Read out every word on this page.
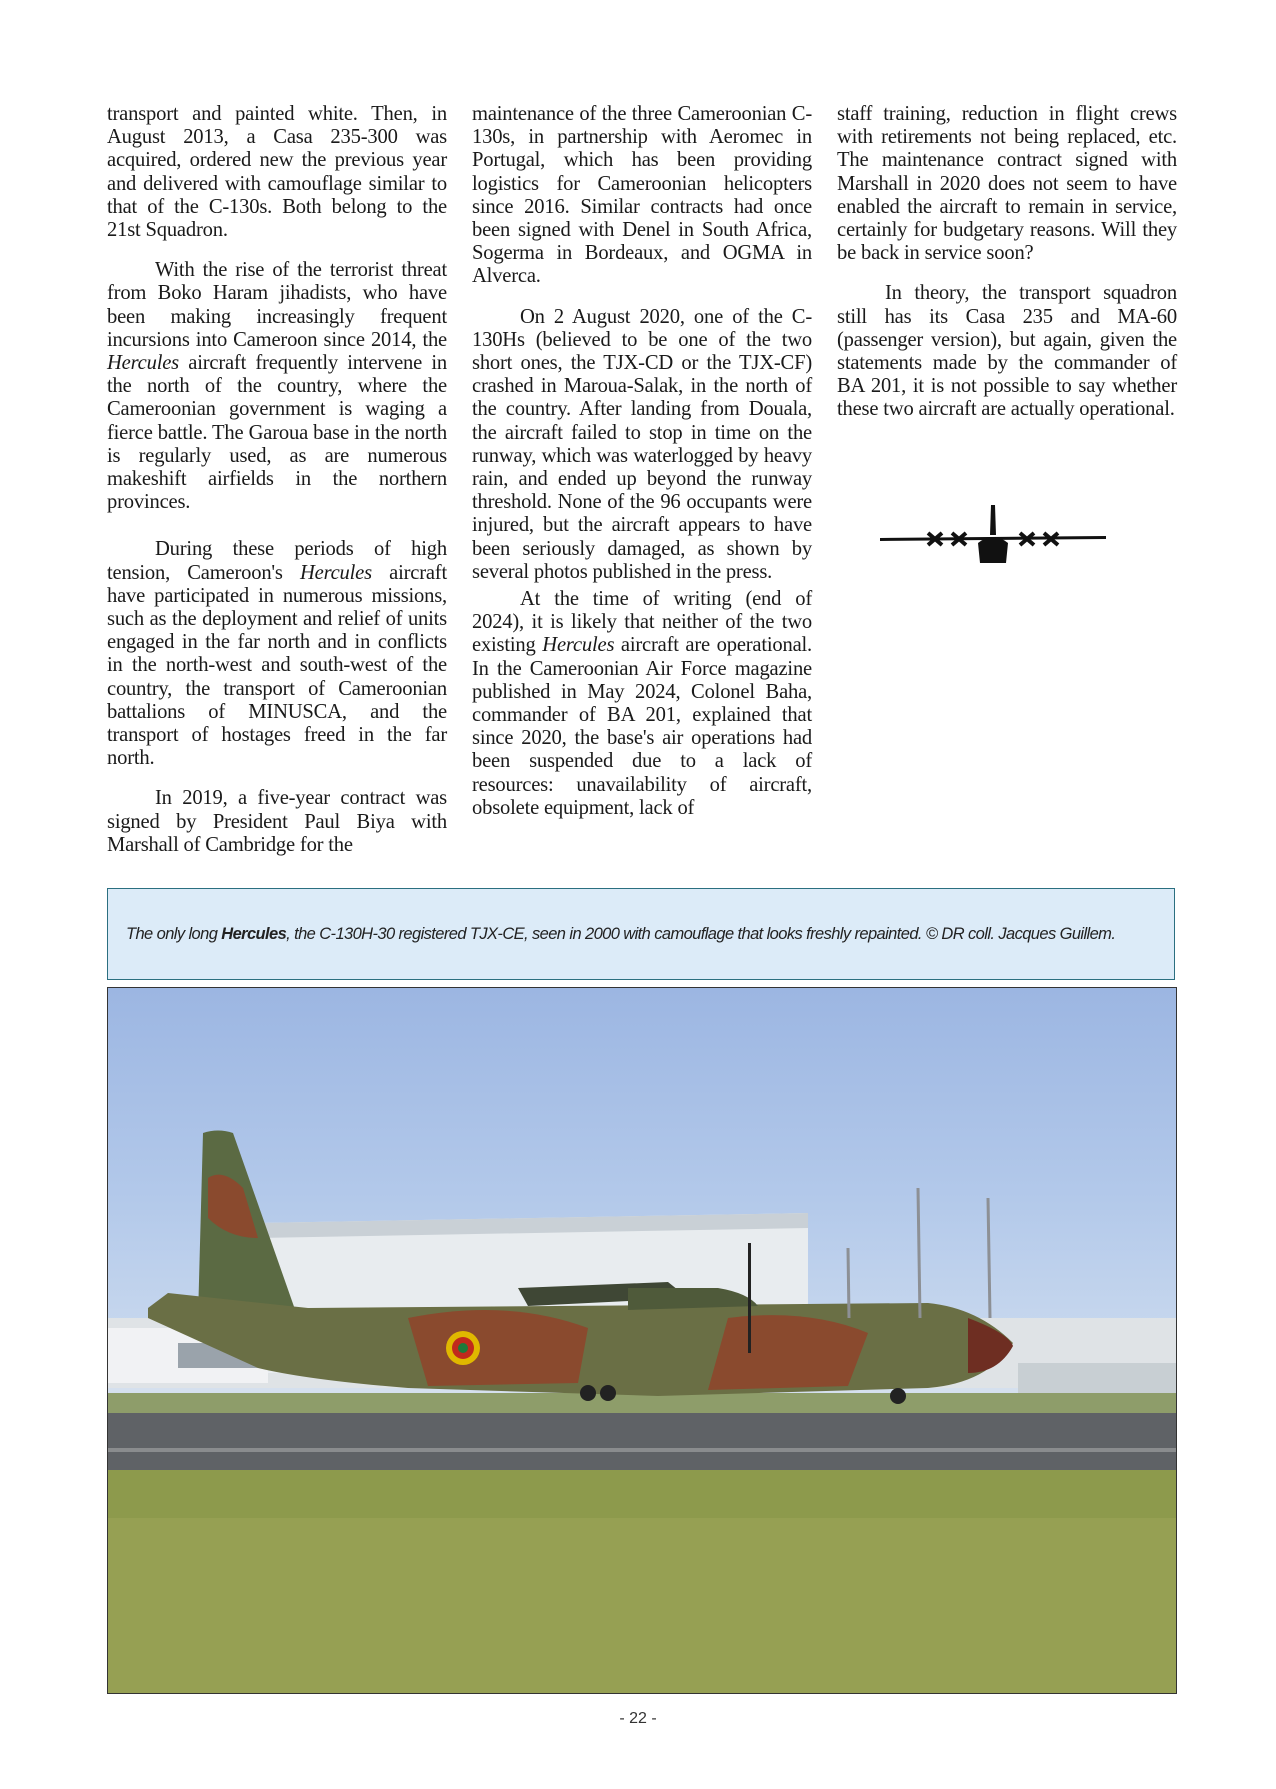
transport and painted white. Then, in August 2013, a Casa 235-300 was acquired, ordered new the previous year and delivered with camouflage similar to that of the C-130s. Both belong to the 21st Squadron.

With the rise of the terrorist threat from Boko Haram jihadists, who have been making increasingly frequent incursions into Cameroon since 2014, the Hercules aircraft frequently intervene in the north of the country, where the Cameroonian government is waging a fierce battle. The Garoua base in the north is regularly used, as are numerous makeshift airfields in the northern provinces.

During these periods of high tension, Cameroon's Hercules aircraft have participated in numerous missions, such as the deployment and relief of units engaged in the far north and in conflicts in the north-west and south-west of the country, the transport of Cameroonian battalions of MINUSCA, and the transport of hostages freed in the far north.

In 2019, a five-year contract was signed by President Paul Biya with Marshall of Cambridge for the

maintenance of the three Cameroonian C-130s, in partnership with Aeromec in Portugal, which has been providing logistics for Cameroonian helicopters since 2016. Similar contracts had once been signed with Denel in South Africa, Sogerma in Bordeaux, and OGMA in Alverca.

On 2 August 2020, one of the C-130Hs (believed to be one of the two short ones, the TJX-CD or the TJX-CF) crashed in Maroua-Salak, in the north of the country. After landing from Douala, the aircraft failed to stop in time on the runway, which was waterlogged by heavy rain, and ended up beyond the runway threshold. None of the 96 occupants were injured, but the aircraft appears to have been seriously damaged, as shown by several photos published in the press.

At the time of writing (end of 2024), it is likely that neither of the two existing Hercules aircraft are operational. In the Cameroonian Air Force magazine published in May 2024, Colonel Baha, commander of BA 201, explained that since 2020, the base's air operations had been suspended due to a lack of resources: unavailability of aircraft, obsolete equipment, lack of

staff training, reduction in flight crews with retirements not being replaced, etc. The maintenance contract signed with Marshall in 2020 does not seem to have enabled the aircraft to remain in service, certainly for budgetary reasons. Will they be back in service soon?

In theory, the transport squadron still has its Casa 235 and MA-60 (passenger version), but again, given the statements made by the commander of BA 201, it is not possible to say whether these two aircraft are actually operational.

The only long Hercules, the C-130H-30 registered TJX-CE, seen in 2000 with camouflage that looks freshly repainted. © DR coll. Jacques Guillem.
- 22 -
